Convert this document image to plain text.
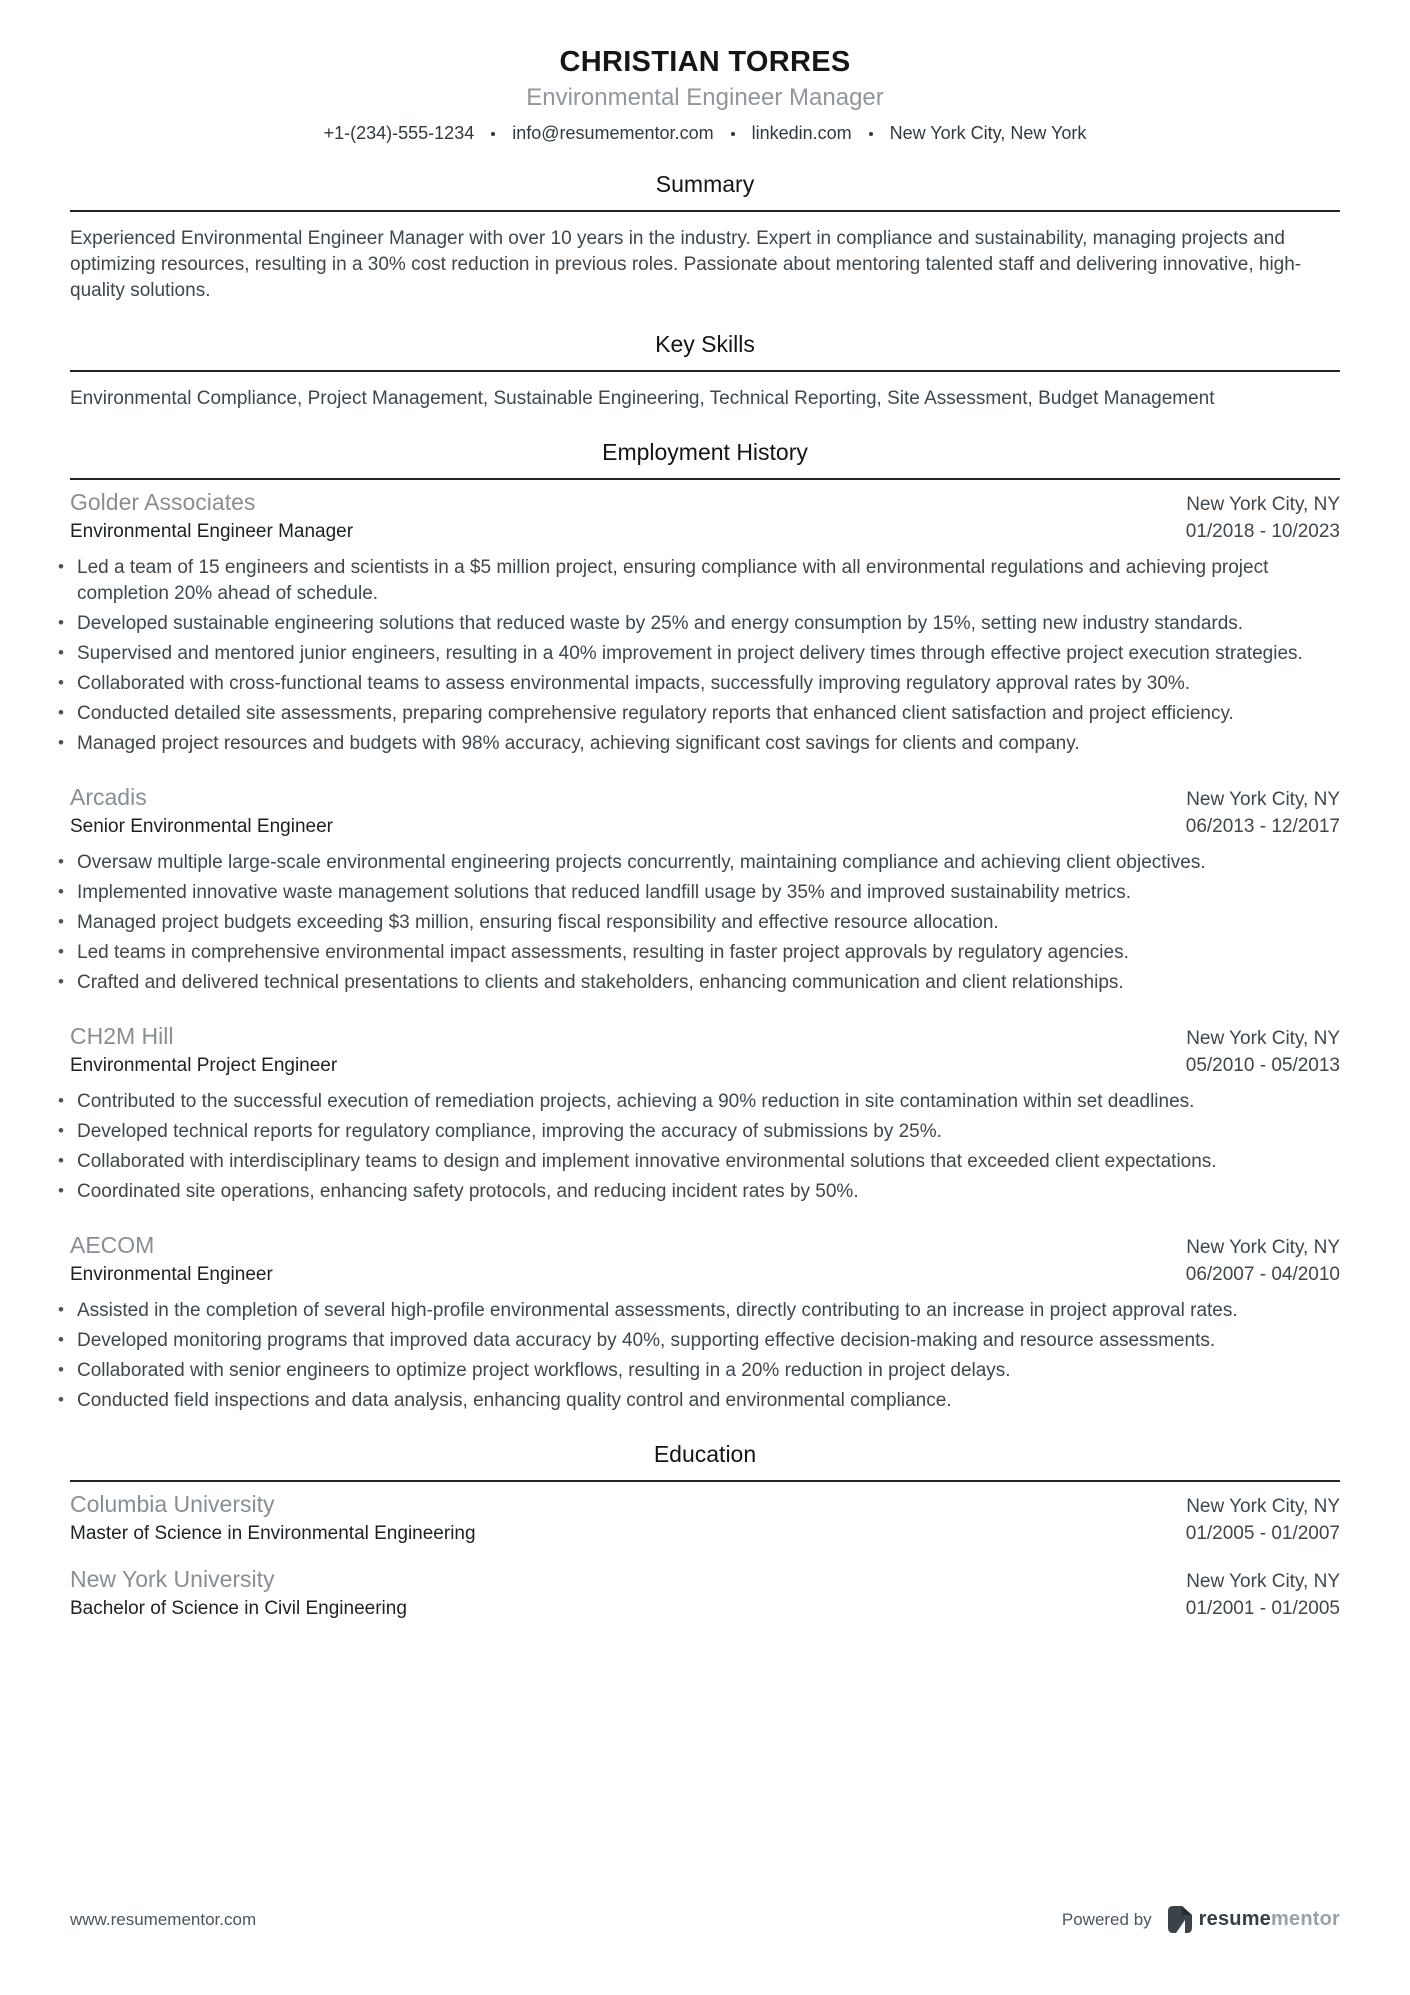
CHRISTIAN TORRES
Environmental Engineer Manager
+1-(234)-555-1234 info@resumementor.com linkedin.com New York City, New York
Summary

Experienced Environmental Engineer Manager with over 10 years in the industry. Expert in compliance and sustainability, managing projects and optimizing resources, resulting in a 30% cost reduction in previous roles. Passionate about mentoring talented staff and delivering innovative, high-quality solutions.

Key Skills

Environmental Compliance, Project Management, Sustainable Engineering, Technical Reporting, Site Assessment, Budget Management

Employment History
Golder Associates	New York City, NY
Environmental Engineer Manager	01/2018 - 10/2023
• Led a team of 15 engineers and scientists in a $5 million project, ensuring compliance with all environmental regulations and achieving project completion 20% ahead of schedule.
• Developed sustainable engineering solutions that reduced waste by 25% and energy consumption by 15%, setting new industry standards.
• Supervised and mentored junior engineers, resulting in a 40% improvement in project delivery times through effective project execution strategies.
• Collaborated with cross-functional teams to assess environmental impacts, successfully improving regulatory approval rates by 30%.
• Conducted detailed site assessments, preparing comprehensive regulatory reports that enhanced client satisfaction and project efficiency.
• Managed project resources and budgets with 98% accuracy, achieving significant cost savings for clients and company.
Arcadis	New York City, NY
Senior Environmental Engineer	06/2013 - 12/2017
• Oversaw multiple large-scale environmental engineering projects concurrently, maintaining compliance and achieving client objectives.
• Implemented innovative waste management solutions that reduced landfill usage by 35% and improved sustainability metrics.
• Managed project budgets exceeding $3 million, ensuring fiscal responsibility and effective resource allocation.
• Led teams in comprehensive environmental impact assessments, resulting in faster project approvals by regulatory agencies.
• Crafted and delivered technical presentations to clients and stakeholders, enhancing communication and client relationships.
CH2M Hill	New York City, NY
Environmental Project Engineer	05/2010 - 05/2013
• Contributed to the successful execution of remediation projects, achieving a 90% reduction in site contamination within set deadlines.
• Developed technical reports for regulatory compliance, improving the accuracy of submissions by 25%.
• Collaborated with interdisciplinary teams to design and implement innovative environmental solutions that exceeded client expectations.
• Coordinated site operations, enhancing safety protocols, and reducing incident rates by 50%.
AECOM	New York City, NY
Environmental Engineer	06/2007 - 04/2010
• Assisted in the completion of several high-profile environmental assessments, directly contributing to an increase in project approval rates.
• Developed monitoring programs that improved data accuracy by 40%, supporting effective decision-making and resource assessments.
• Collaborated with senior engineers to optimize project workflows, resulting in a 20% reduction in project delays.
• Conducted field inspections and data analysis, enhancing quality control and environmental compliance.
Education
Columbia University	New York City, NY
Master of Science in Environmental Engineering	01/2005 - 01/2007
New York University	New York City, NY
Bachelor of Science in Civil Engineering	01/2001 - 01/2005
www.resumementor.com	Powered by resumementor
